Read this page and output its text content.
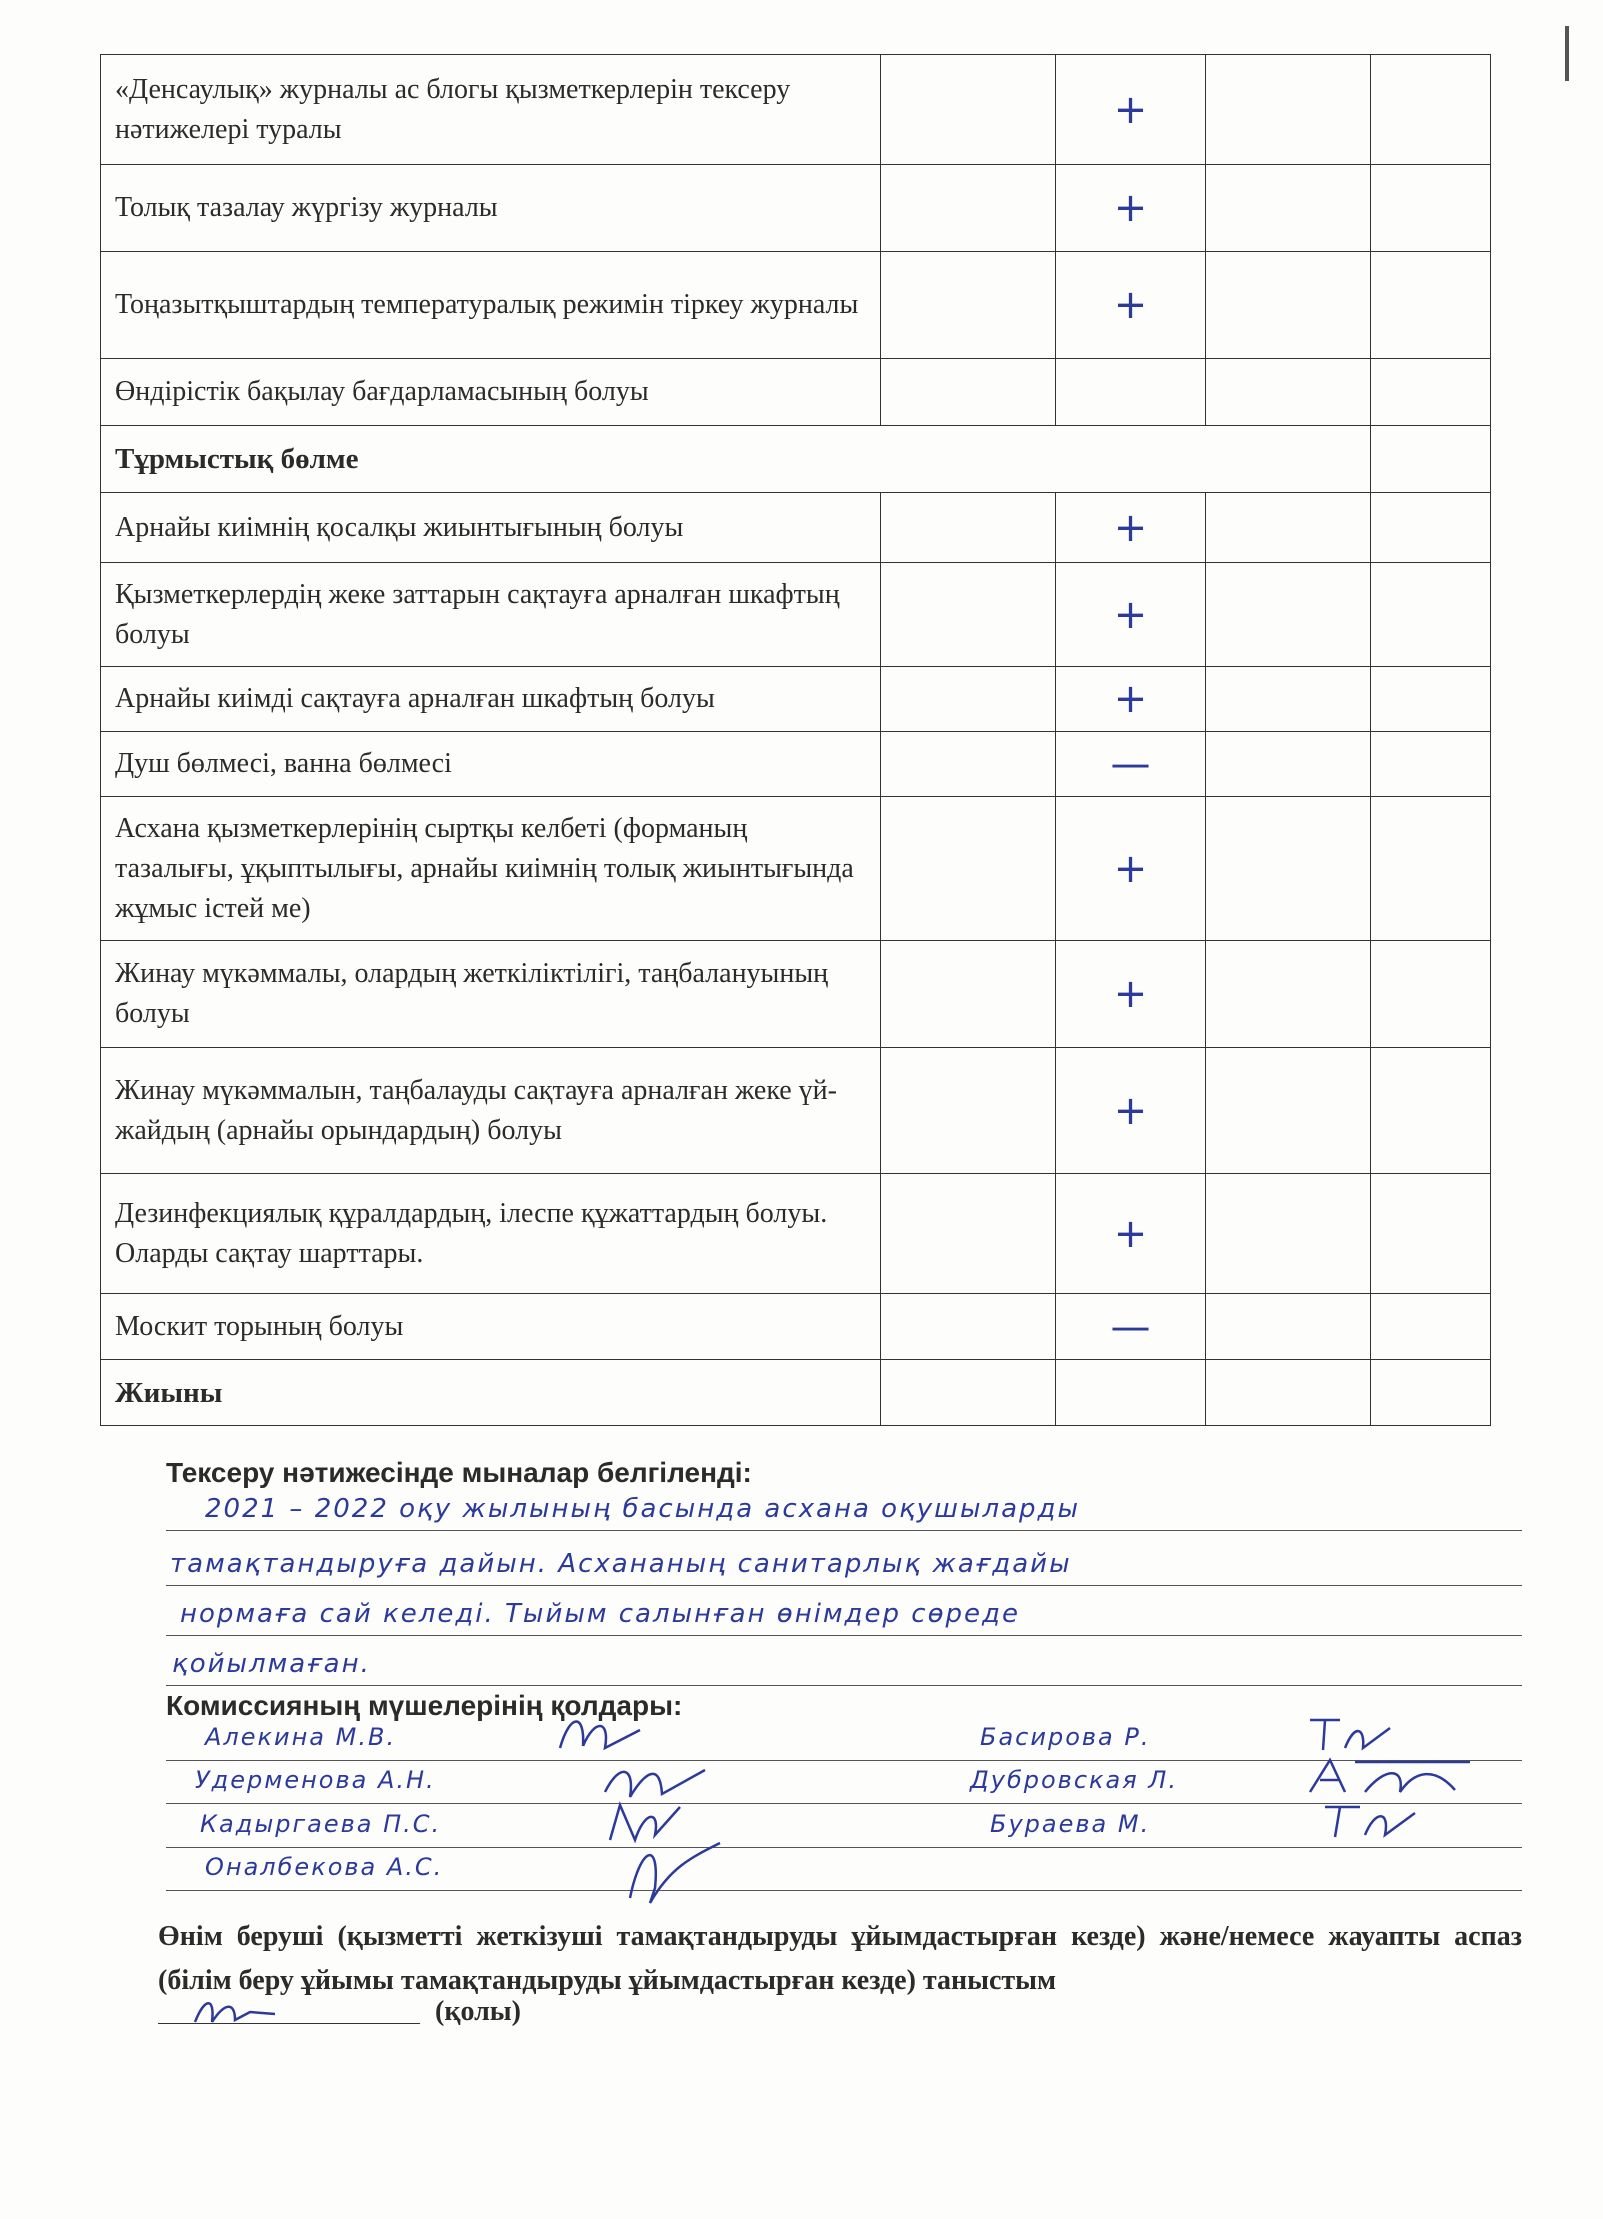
«Денсаулық» журналы ас блогы қызметкерлерін тексеру нәтижелері туралы		+		
Толық тазалау жүргізу журналы		+		
Тоңазытқыштардың температуралық режимін тіркеу журналы		+		
Өндірістік бақылау бағдарламасының болуы				
Тұрмыстық бөлме				
Арнайы киімнің қосалқы жиынтығының болуы		+		
Қызметкерлердің жеке заттарын сақтауға арналған шкафтың болуы		+		
Арнайы киімді сақтауға арналған шкафтың болуы		+		
Душ бөлмесі, ванна бөлмесі		—		
Асхана қызметкерлерінің сыртқы келбеті (форманың тазалығы, ұқыптылығы, арнайы киімнің толық жиынтығында жұмыс істей ме)		+		
Жинау мүкәммалы, олардың жеткіліктілігі, таңбалануының болуы		+		
Жинау мүкәммалын, таңбалауды сақтауға арналған жеке үй-жайдың (арнайы орындардың) болуы		+		
Дезинфекциялық құралдардың, ілеспе құжаттардың болуы. Оларды сақтау шарттары.		+		
Москит торының болуы		—		
Жиыны				
Тексеру нәтижесінде мыналар белгіленді:
2021 – 2022 оқу жылының басында асхана оқушыларды
тамақтандыруға дайын. Асхананың санитарлық жағдайы
нормаға сай келеді. Тыйым салынған өнімдер сөреде
қойылмаған.
Комиссияның мүшелерінің қолдары:
Алекина М.В.
Удерменова А.Н.
Кадыргаева П.С.
Оналбекова А.С.
Басирова Р.
Дубровская Л.
Бураева М.
Өнім беруші (қызметті жеткізуші тамақтандыруды ұйымдастырған кезде) және/немесе жауапты аспаз (білім беру ұйымы тамақтандыруды ұйымдастырған кезде) таныстым
(қолы)
